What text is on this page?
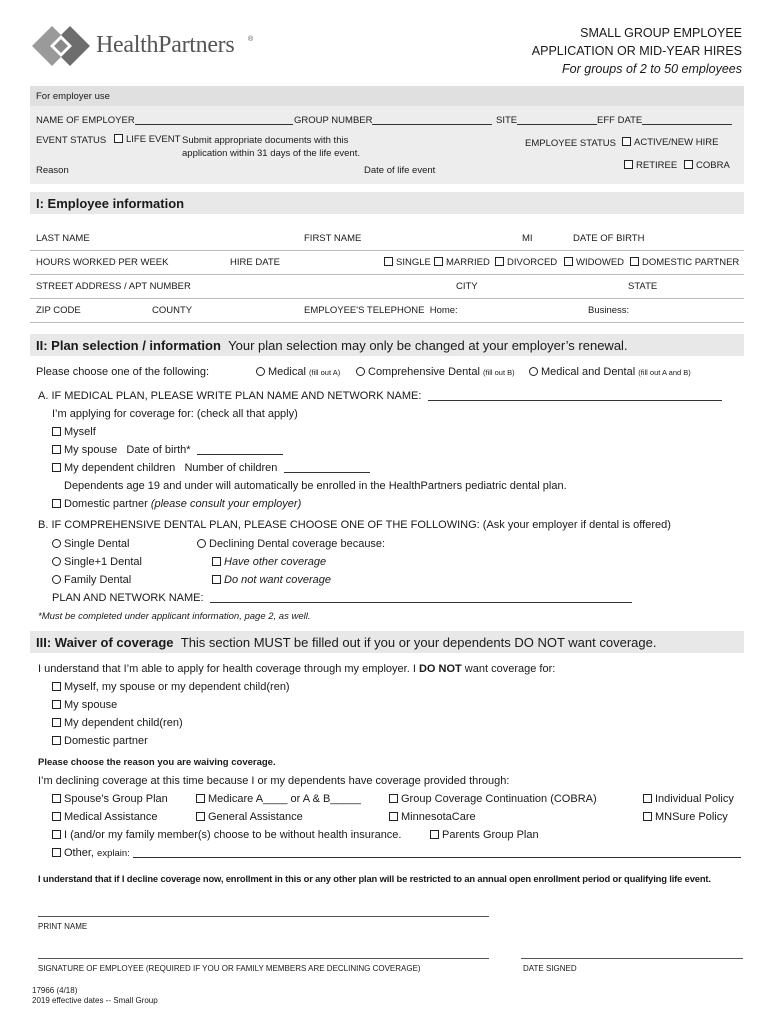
HealthPartners ®	SMALL GROUP EMPLOYEE
APPLICATION OR MID-YEAR HIRES
For groups of 2 to 50 employees
For employer use
NAME OF EMPLOYER	GROUP NUMBER	SITE	EFF DATE
EVENT STATUS	LIFE EVENT Submit appropriate documents with this
application within 31 days of the life event.
Reason	Date of life event
EMPLOYEE STATUS	ACTIVE/NEW HIRE
RETIREE	COBRA
I: Employee information
LAST NAME	FIRST NAME	MI	DATE OF BIRTH
HOURS WORKED PER WEEK	HIRE DATE	SINGLE	MARRIED	DIVORCED	WIDOWED	DOMESTIC PARTNER
STREET ADDRESS / APT NUMBER	CITY	STATE
ZIP CODE	COUNTY	EMPLOYEE'S TELEPHONE Home:	Business:
II: Plan selection / information Your plan selection may only be changed at your employer’s renewal.
Please choose one of the following:	Medical (fill out A)	Comprehensive Dental (fill out B)	Medical and Dental (fill out A and B)
A. IF MEDICAL PLAN, PLEASE WRITE PLAN NAME AND NETWORK NAME:
I’m applying for coverage for: (check all that apply)
Myself
My spouse Date of birth*
My dependent children Number of children
Dependents age 19 and under will automatically be enrolled in the HealthPartners pediatric dental plan.
Domestic partner (please consult your employer)
B. IF COMPREHENSIVE DENTAL PLAN, PLEASE CHOOSE ONE OF THE FOLLOWING: (Ask your employer if dental is offered)
Single Dental
Single+1 Dental
Family Dental
Declining Dental coverage because:
Have other coverage
Do not want coverage
PLAN AND NETWORK NAME:
*Must be completed under applicant information, page 2, as well.
III: Waiver of coverage This section MUST be filled out if you or your dependents DO NOT want coverage.
I understand that I’m able to apply for health coverage through my employer. I DO NOT want coverage for:
Myself, my spouse or my dependent child(ren)
My spouse
My dependent child(ren)
Domestic partner
Please choose the reason you are waiving coverage.
I’m declining coverage at this time because I or my dependents have coverage provided through:
Spouse’s Group Plan	Medicare A____ or A & B_____	Group Coverage Continuation (COBRA)	Individual Policy
Medical Assistance	General Assistance	MinnesotaCare	MNSure Policy
I (and/or my family member(s) choose to be without health insurance.	Parents Group Plan
Other, explain:
I understand that if I decline coverage now, enrollment in this or any other plan will be restricted to an annual open enrollment period or qualifying life event.
PRINT NAME
SIGNATURE OF EMPLOYEE (REQUIRED IF YOU OR FAMILY MEMBERS ARE DECLINING COVERAGE)	DATE SIGNED
17966 (4/18)
2019 effective dates -- Small Group
